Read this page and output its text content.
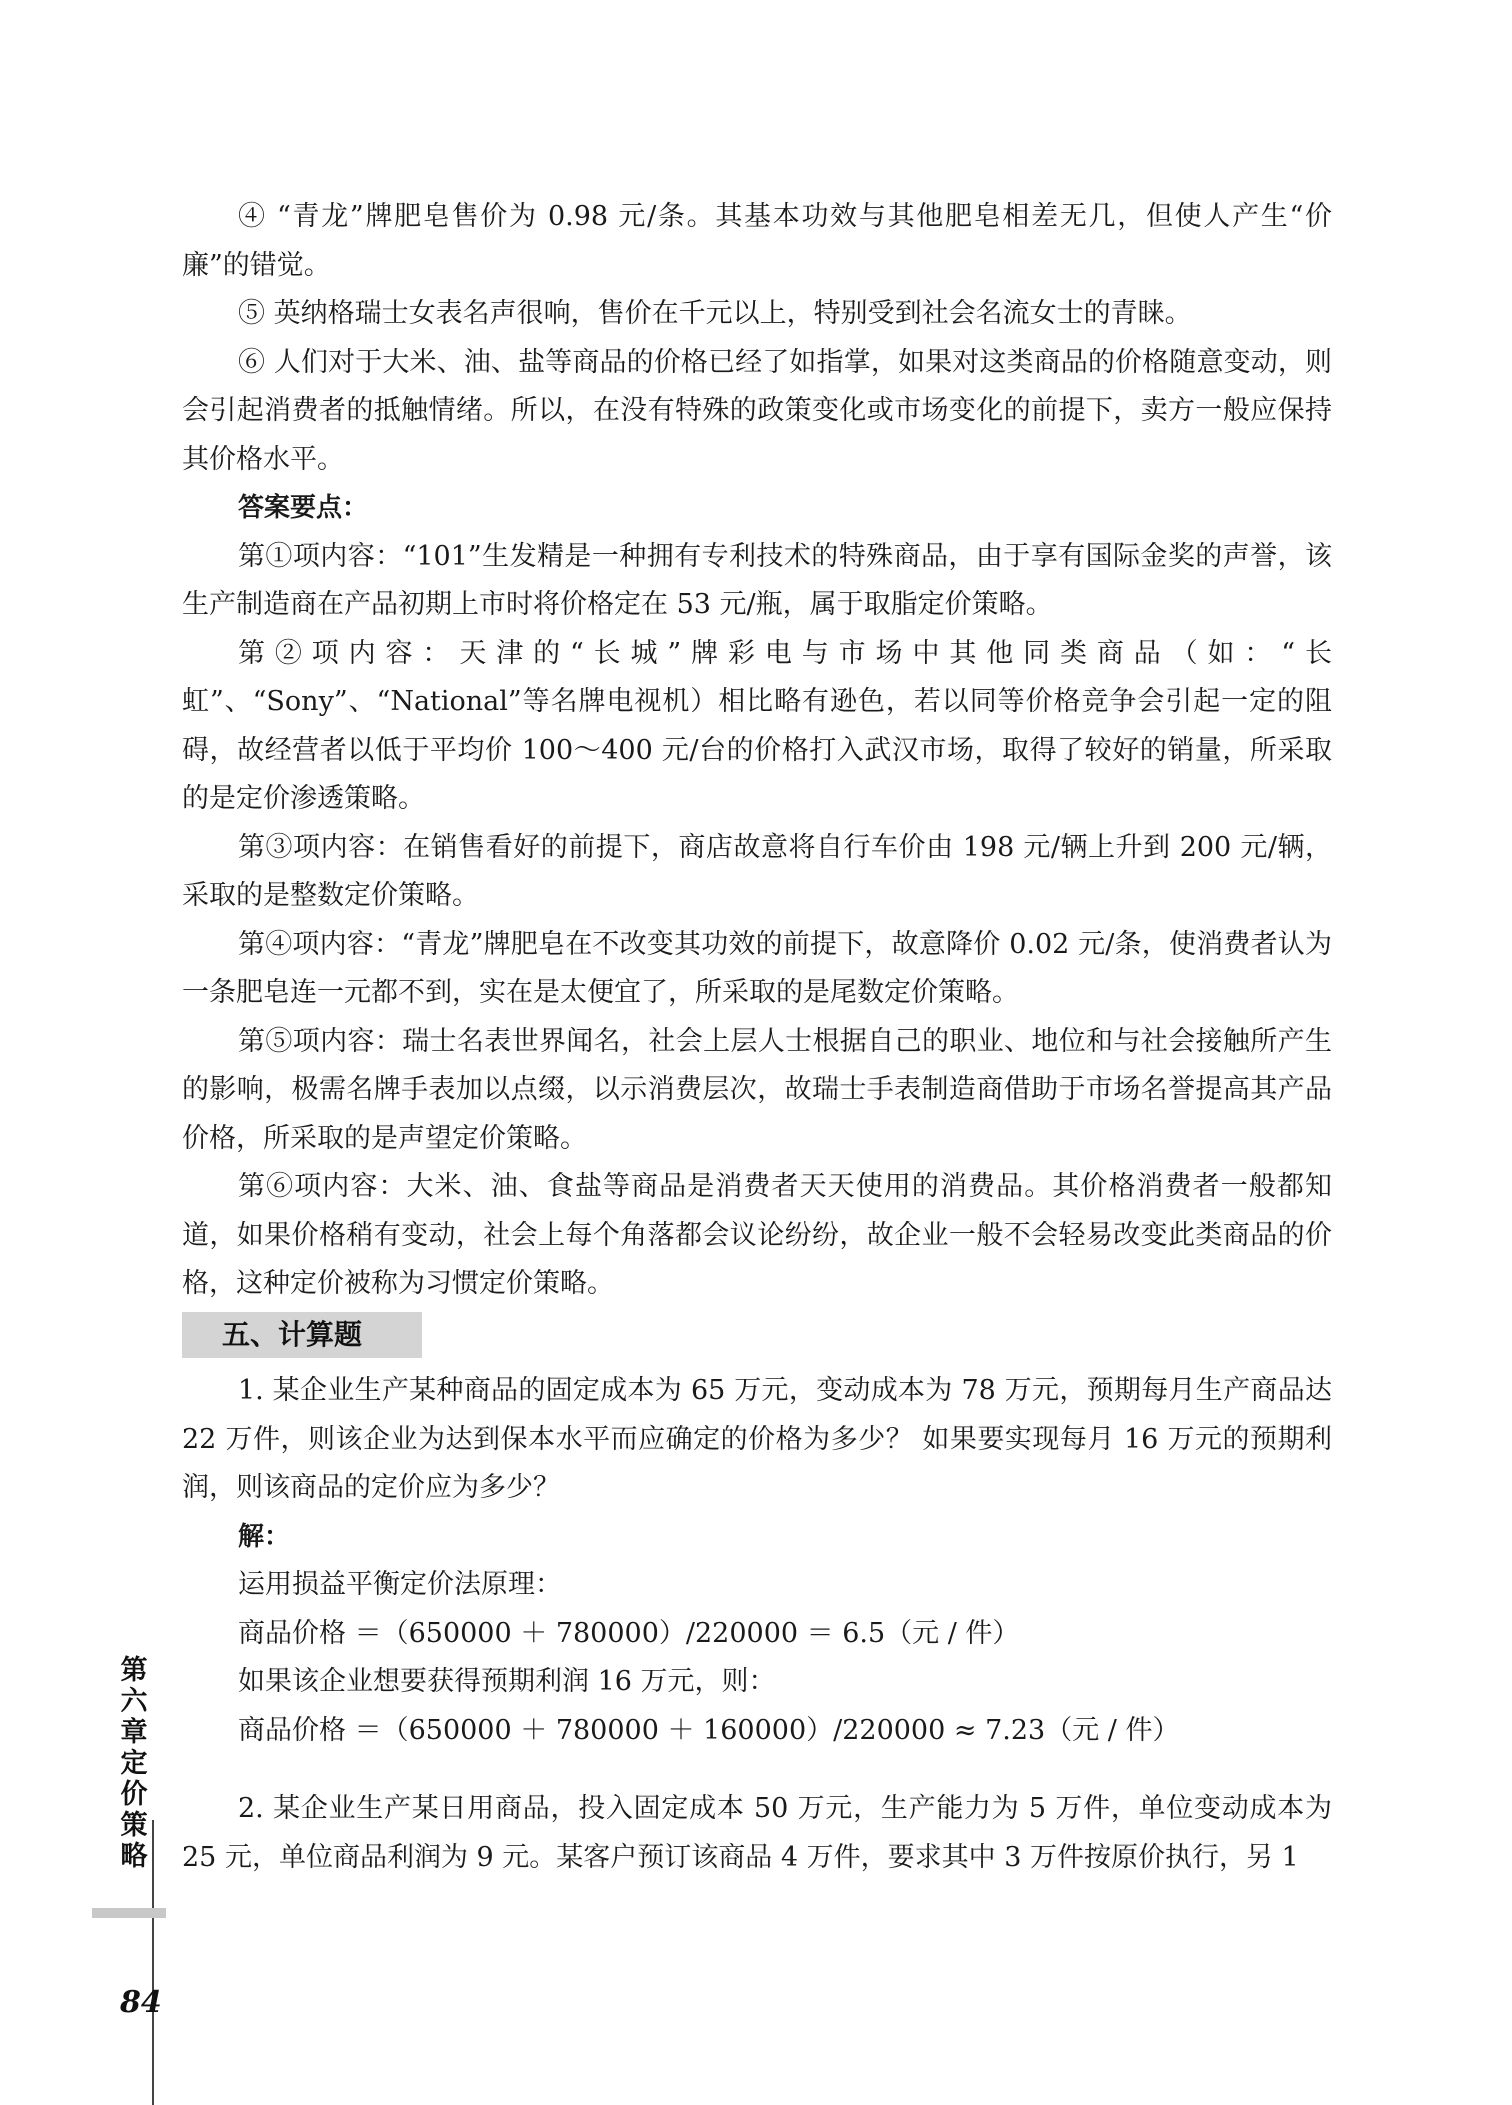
④ “青龙”牌肥皂售价为 0.98 元/条。其基本功效与其他肥皂相差无几，但使人产生“价廉”的错觉。

⑤ 英纳格瑞士女表名声很响，售价在千元以上，特别受到社会名流女士的青睐。

⑥ 人们对于大米、油、盐等商品的价格已经了如指掌，如果对这类商品的价格随意变动，则会引起消费者的抵触情绪。所以，在没有特殊的政策变化或市场变化的前提下，卖方一般应保持其价格水平。

答案要点：

第①项内容：“101”生发精是一种拥有专利技术的特殊商品，由于享有国际金奖的声誉，该生产制造商在产品初期上市时将价格定在 53 元/瓶，属于取脂定价策略。

第②项内容：天津的“长城”牌彩电与市场中其他同类商品（如：“长虹”、“Sony”、“National”等名牌电视机）相比略有逊色，若以同等价格竞争会引起一定的阻碍，故经营者以低于平均价 100～400 元/台的价格打入武汉市场，取得了较好的销量，所采取的是定价渗透策略。

第③项内容：在销售看好的前提下，商店故意将自行车价由 198 元/辆上升到 200 元/辆，采取的是整数定价策略。

第④项内容：“青龙”牌肥皂在不改变其功效的前提下，故意降价 0.02 元/条，使消费者认为一条肥皂连一元都不到，实在是太便宜了，所采取的是尾数定价策略。

第⑤项内容：瑞士名表世界闻名，社会上层人士根据自己的职业、地位和与社会接触所产生的影响，极需名牌手表加以点缀，以示消费层次，故瑞士手表制造商借助于市场名誉提高其产品价格，所采取的是声望定价策略。

第⑥项内容：大米、油、食盐等商品是消费者天天使用的消费品。其价格消费者一般都知道，如果价格稍有变动，社会上每个角落都会议论纷纷，故企业一般不会轻易改变此类商品的价格，这种定价被称为习惯定价策略。

五、计算题

1. 某企业生产某种商品的固定成本为 65 万元，变动成本为 78 万元，预期每月生产商品达 22 万件，则该企业为达到保本水平而应确定的价格为多少？ 如果要实现每月 16 万元的预期利润，则该商品的定价应为多少？

解：

运用损益平衡定价法原理：

商品价格 ＝（650000 ＋ 780000）/220000 ＝ 6.5（元 / 件）

如果该企业想要获得预期利润 16 万元，则：

商品价格 ＝（650000 ＋ 780000 ＋ 160000）/220000 ≈ 7.23（元 / 件）

2. 某企业生产某日用商品，投入固定成本 50 万元，生产能力为 5 万件，单位变动成本为 25 元，单位商品利润为 9 元。某客户预订该商品 4 万件，要求其中 3 万件按原价执行，另 1

第六章 定价策略
84
